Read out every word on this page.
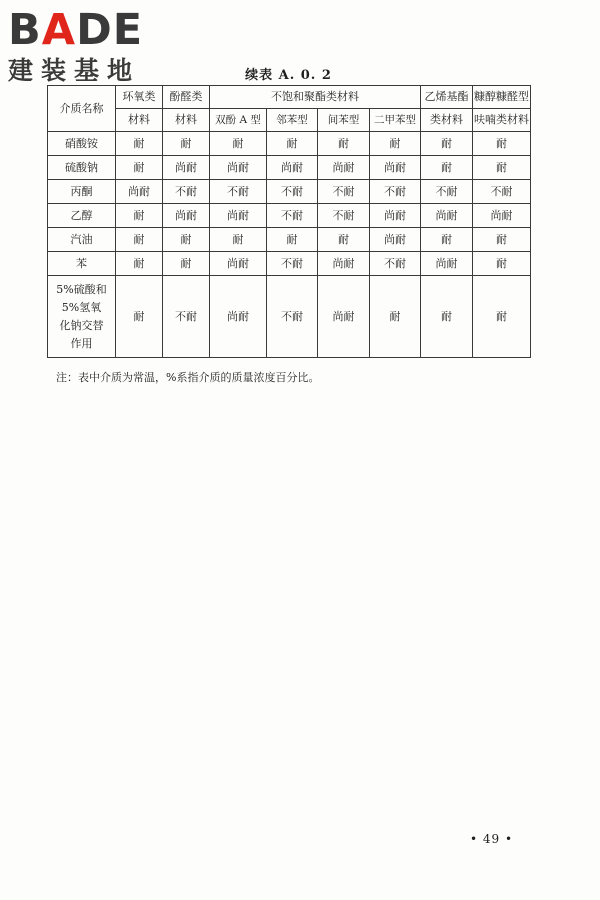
BADE
建装基地	续表 A. 0. 2
介质名称	环氧类	酚醛类	不饱和聚酯类材料				乙烯基酯	糠醇糠醛型
	材料	材料	双酚 A 型	邻苯型	间苯型	二甲苯型	类材料	呋喃类材料
硝酸铵	耐	耐	耐	耐	耐	耐	耐	耐
硫酸钠	耐	尚耐	尚耐	尚耐	尚耐	尚耐	耐	耐
丙酮	尚耐	不耐	不耐	不耐	不耐	不耐	不耐	不耐
乙醇	耐	尚耐	尚耐	不耐	不耐	尚耐	尚耐	尚耐
汽油	耐	耐	耐	耐	耐	尚耐	耐	耐
苯	耐	耐	尚耐	不耐	尚耐	不耐	尚耐	耐

5%硫酸和
5%氢氧
化钠交替
作用	耐	不耐	尚耐	不耐	尚耐	耐	耐	耐
注：表中介质为常温，%系指介质的质量浓度百分比。
• 49 •
